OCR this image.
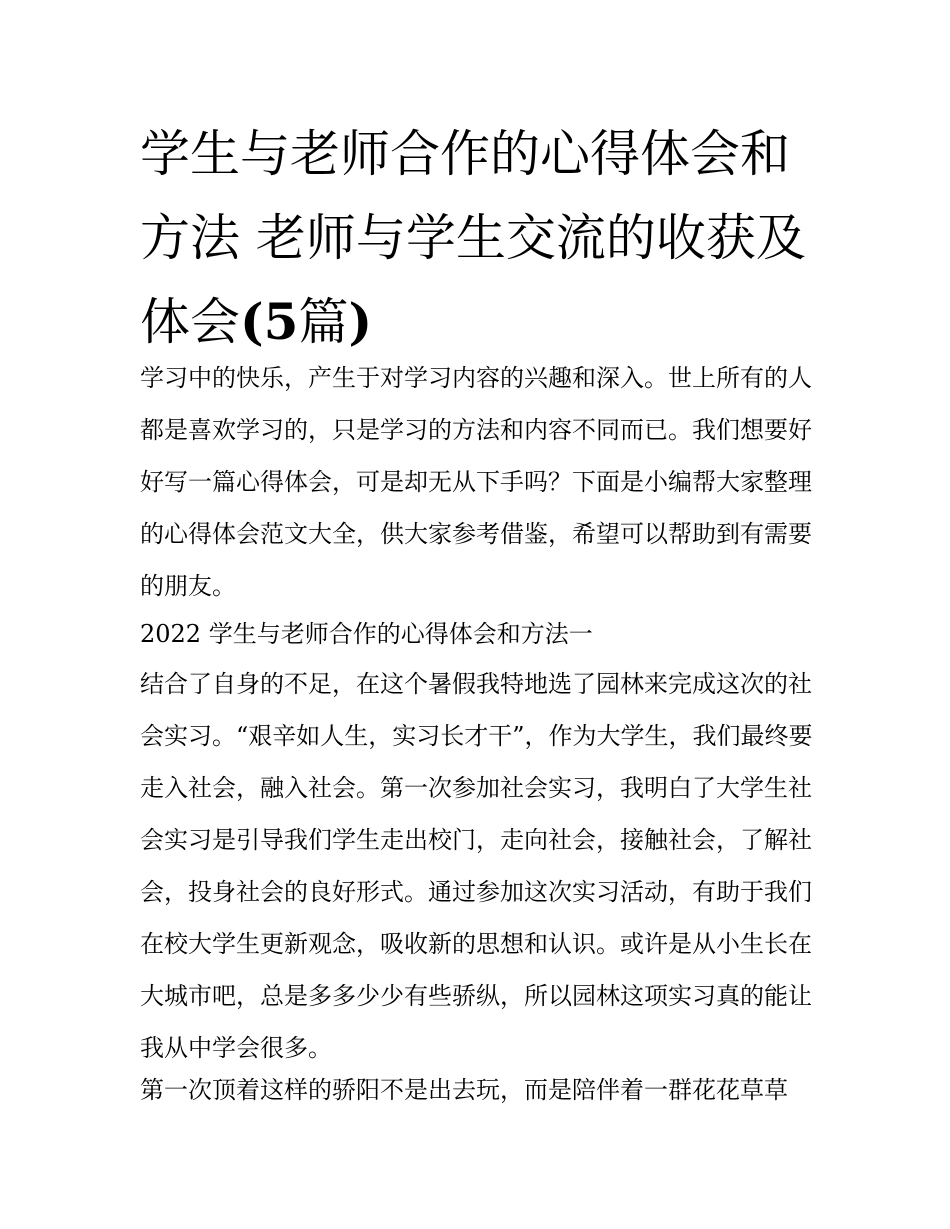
学生与老师合作的心得体会和方法 老师与学生交流的收获及体会(5篇)

学习中的快乐，产生于对学习内容的兴趣和深入。世上所有的人都是喜欢学习的，只是学习的方法和内容不同而已。我们想要好好写一篇心得体会，可是却无从下手吗？下面是小编帮大家整理的心得体会范文大全，供大家参考借鉴，希望可以帮助到有需要的朋友。

2022 学生与老师合作的心得体会和方法一

结合了自身的不足，在这个暑假我特地选了园林来完成这次的社会实习。“艰辛如人生，实习长才干”，作为大学生，我们最终要走入社会，融入社会。第一次参加社会实习，我明白了大学生社会实习是引导我们学生走出校门，走向社会，接触社会，了解社会，投身社会的良好形式。通过参加这次实习活动，有助于我们在校大学生更新观念，吸收新的思想和认识。或许是从小生长在大城市吧，总是多多少少有些骄纵，所以园林这项实习真的能让我从中学会很多。

第一次顶着这样的骄阳不是出去玩，而是陪伴着一群花花草草
